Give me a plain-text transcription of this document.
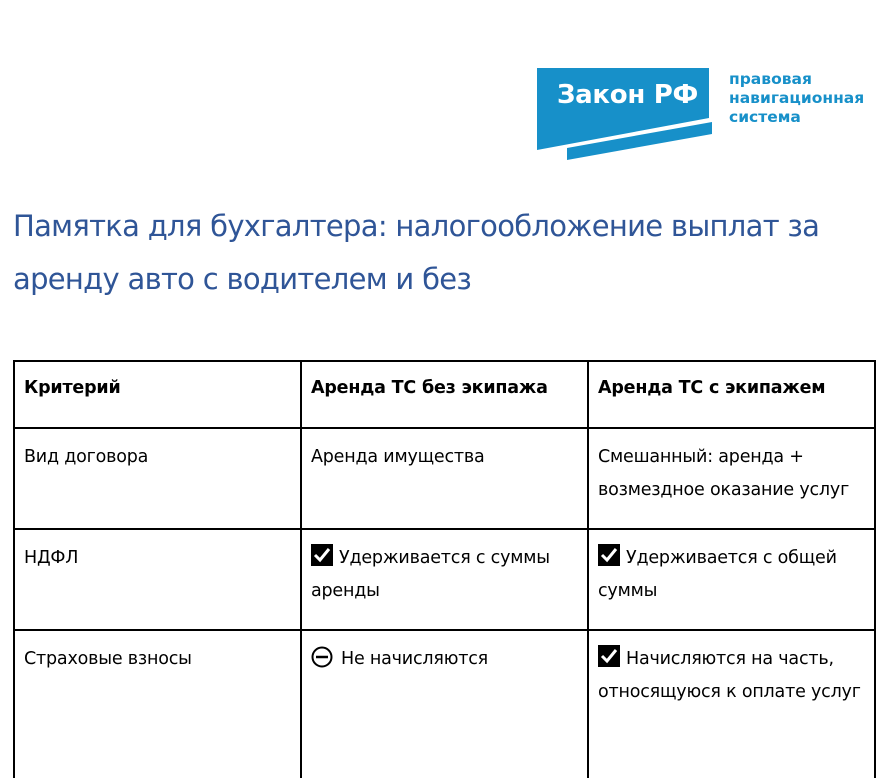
Закон РФ
правовая
навигационная
система
Памятка для бухгалтера: налогообложение выплат за аренду авто с водителем и без
Критерий	Аренда ТС без экипажа	Аренда ТС с экипажем
Вид договора	Аренда имущества	Смешанный: аренда + возмездное оказание услуг
НДФЛ	Удерживается с суммы аренды	Удерживается с общей суммы
Страховые взносы	Не начисляются	Начисляются на часть, относящуюся к оплате услуг
